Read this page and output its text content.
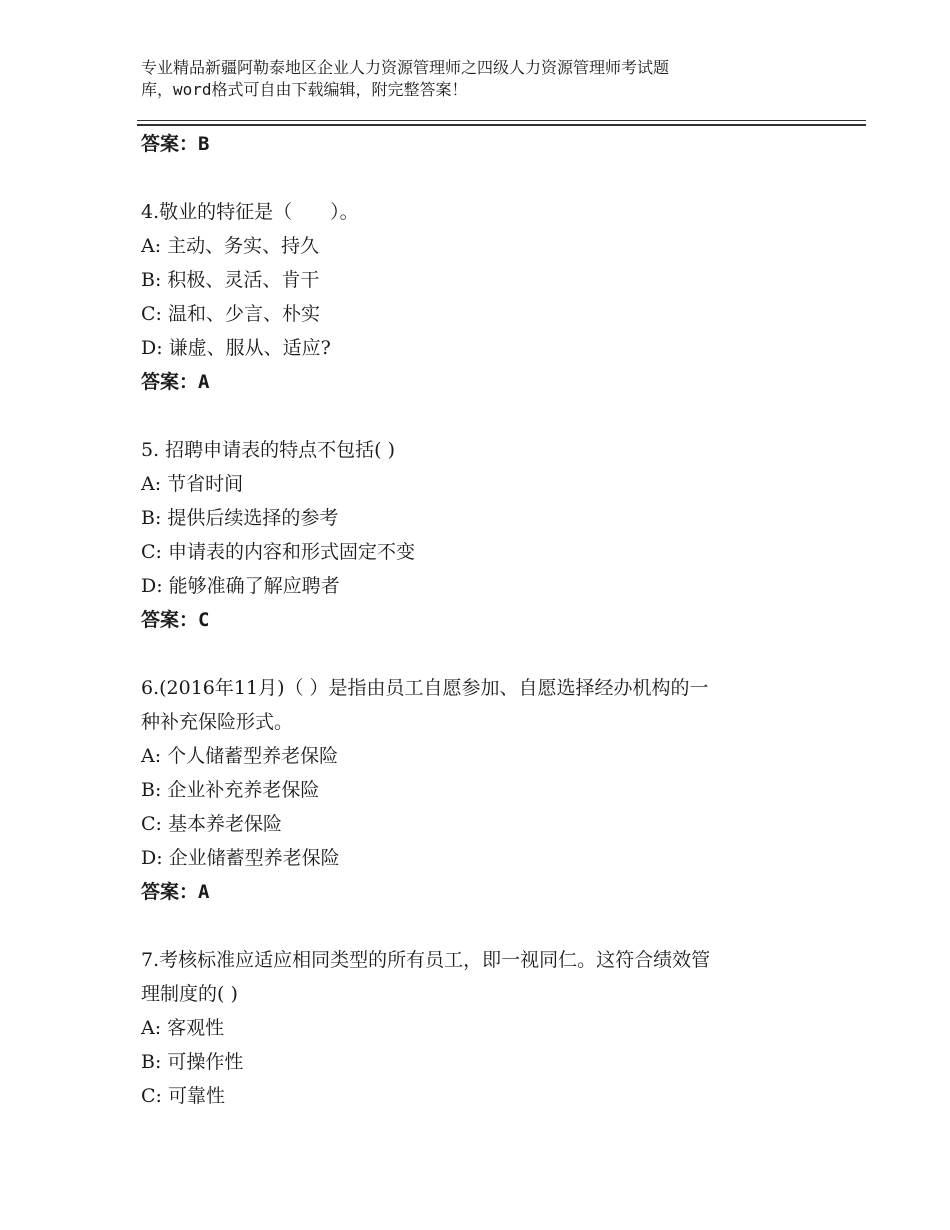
专业精品新疆阿勒泰地区企业人力资源管理师之四级人力资源管理师考试题
库，word格式可自由下载编辑，附完整答案！
答案：B
4.敬业的特征是（　　）。
A: 主动、务实、持久
B: 积极、灵活、肯干
C: 温和、少言、朴实
D: 谦虚、服从、适应?
答案：A
5. 招聘申请表的特点不包括( )
A: 节省时间
B: 提供后续选择的参考
C: 申请表的内容和形式固定不变
D: 能够准确了解应聘者
答案：C
6.(2016年11月)（ ）是指由员工自愿参加、自愿选择经办机构的一
种补充保险形式。
A: 个人储蓄型养老保险
B: 企业补充养老保险
C: 基本养老保险
D: 企业储蓄型养老保险
答案：A
7.考核标准应适应相同类型的所有员工，即一视同仁。这符合绩效管
理制度的( )
A: 客观性
B: 可操作性
C: 可靠性
